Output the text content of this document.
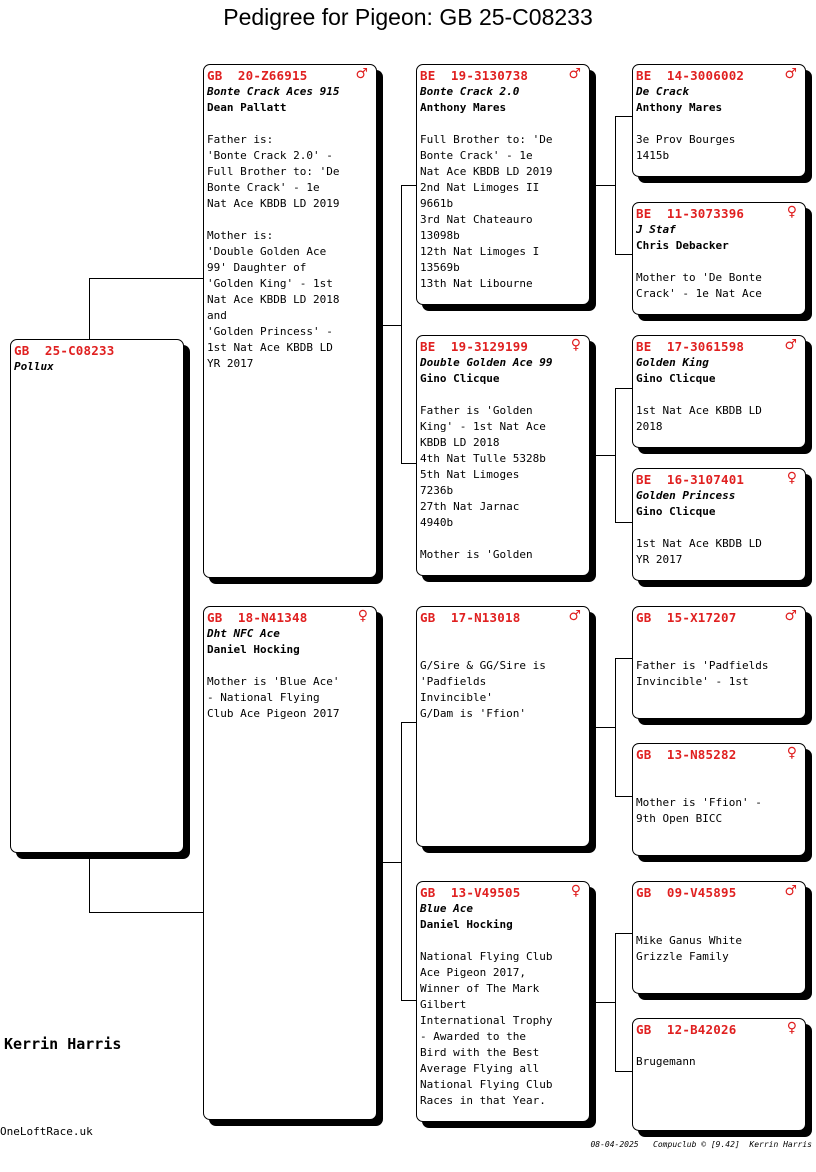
Pedigree for Pigeon: GB 25-C08233
GB  25-C08233
Pollux
GB  20-Z66915	♂
Bonte Crack Aces 915
Dean Pallatt
Father is:
'Bonte Crack 2.0' -
Full Brother to: 'De
Bonte Crack' - 1e
Nat Ace KBDB LD 2019

Mother is:
'Double Golden Ace
99' Daughter of
'Golden King' - 1st
Nat Ace KBDB LD 2018
and
'Golden Princess' -
1st Nat Ace KBDB LD
YR 2017
GB  18-N41348	♀
Dht NFC Ace
Daniel Hocking
Mother is 'Blue Ace'
- National Flying
Club Ace Pigeon 2017
BE  19-3130738	♂
Bonte Crack 2.0
Anthony Mares
Full Brother to: 'De
Bonte Crack' - 1e
Nat Ace KBDB LD 2019
2nd Nat Limoges II
9661b
3rd Nat Chateauro
13098b
12th Nat Limoges I
13569b
13th Nat Libourne
BE  19-3129199	♀
Double Golden Ace 99
Gino Clicque
Father is 'Golden
King' - 1st Nat Ace
KBDB LD 2018
4th Nat Tulle 5328b
5th Nat Limoges
7236b
27th Nat Jarnac
4940b

Mother is 'Golden
GB  17-N13018	♂
G/Sire & GG/Sire is
'Padfields
Invincible'
G/Dam is 'Ffion'
GB  13-V49505	♀
Blue Ace
Daniel Hocking
National Flying Club
Ace Pigeon 2017,
Winner of The Mark
Gilbert
International Trophy
- Awarded to the
Bird with the Best
Average Flying all
National Flying Club
Races in that Year.
BE  14-3006002	♂
De Crack
Anthony Mares
3e Prov Bourges
1415b
BE  11-3073396	♀
J Staf
Chris Debacker
Mother to 'De Bonte
Crack' - 1e Nat Ace
BE  17-3061598	♂
Golden King
Gino Clicque
1st Nat Ace KBDB LD
2018
BE  16-3107401	♀
Golden Princess
Gino Clicque
1st Nat Ace KBDB LD
YR 2017
GB  15-X17207	♂
Father is 'Padfields
Invincible' - 1st
GB  13-N85282	♀
Mother is 'Ffion' -
9th Open BICC
GB  09-V45895	♂
Mike Ganus White
Grizzle Family
GB  12-B42026	♀
Brugemann
Kerrin Harris
OneLoftRace.uk
08-04-2025   Compuclub © [9.42]  Kerrin Harris
